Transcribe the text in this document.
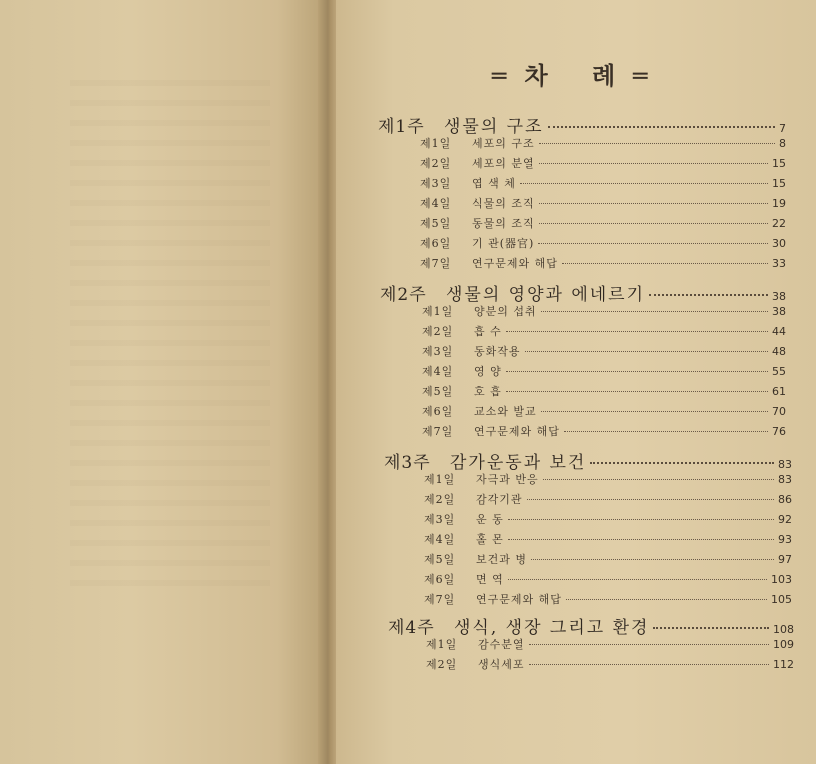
═차 례═
제1주	생물의 구조	7
제1일	세포의 구조	8
제2일	세포의 분열	15
제3일	엽 색 체	15
제4일	식물의 조직	19
제5일	동물의 조직	22
제6일	기 관(器官)	30
제7일	연구문제와 해답	33
제2주	생물의 영양과 에네르기	38
제1일	양분의 섭취	38
제2일	흡 수	44
제3일	동화작용	48
제4일	영 양	55
제5일	호 흡	61
제6일	교소와 발교	70
제7일	연구문제와 해답	76
제3주	감가운동과 보건	83
제1일	자극과 반응	83
제2일	감각기관	86
제3일	운 동	92
제4일	홀 몬	93
제5일	보건과 병	97
제6일	면 역	103
제7일	연구문제와 해답	105
제4주	생식, 생장 그리고 환경	108
제1일	감수분열	109
제2일	생식세포	112
